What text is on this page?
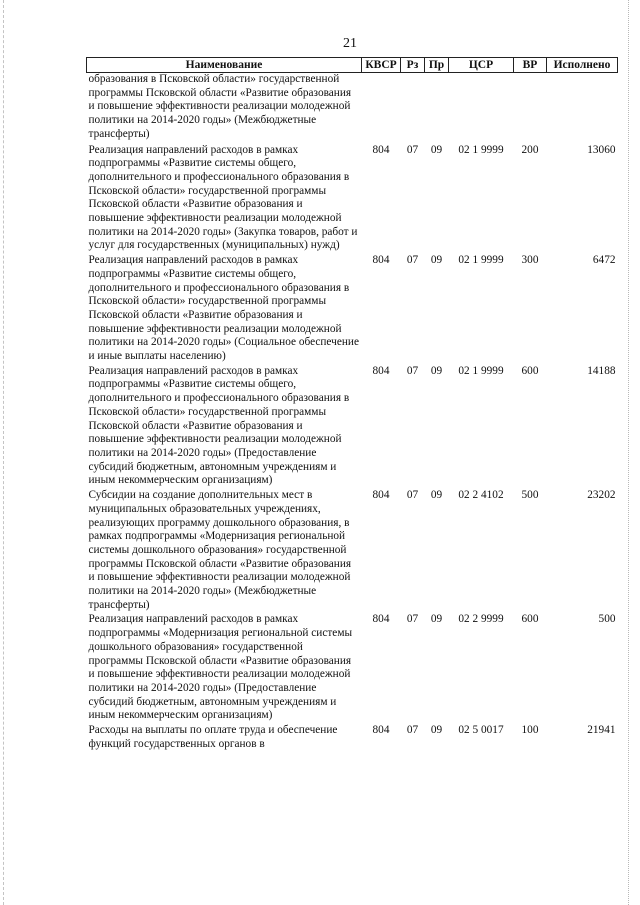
21
Наименование	КВСР	Рз	Пр	ЦСР	ВР	Исполнено
образования в Псковской области» государственной программы Псковской области «Развитие образования и повышение эффективности реализации молодежной политики на 2014-2020 годы» (Межбюджетные трансферты)						
Реализация направлений расходов в рамках подпрограммы «Развитие системы общего, дополнительного и профессионального образования в Псковской области» государственной программы Псковской области «Развитие образования и повышение эффективности реализации молодежной политики на 2014-2020 годы» (Закупка товаров, работ и услуг для государственных (муниципальных) нужд)	804	07	09	02 1 9999	200	13060
Реализация направлений расходов в рамках подпрограммы «Развитие системы общего, дополнительного и профессионального образования в Псковской области» государственной программы Псковской области «Развитие образования и повышение эффективности реализации молодежной политики на 2014-2020 годы» (Социальное обеспечение и иные выплаты населению)	804	07	09	02 1 9999	300	6472
Реализация направлений расходов в рамках подпрограммы «Развитие системы общего, дополнительного и профессионального образования в Псковской области» государственной программы Псковской области «Развитие образования и повышение эффективности реализации молодежной политики на 2014-2020 годы» (Предоставление субсидий бюджетным, автономным учреждениям и иным некоммерческим организациям)	804	07	09	02 1 9999	600	14188
Субсидии на создание дополнительных мест в муниципальных образовательных учреждениях, реализующих программу дошкольного образования, в рамках подпрограммы «Модернизация региональной системы дошкольного образования» государственной программы Псковской области «Развитие образования и повышение эффективности реализации молодежной политики на 2014-2020 годы» (Межбюджетные трансферты)	804	07	09	02 2 4102	500	23202
Реализация направлений расходов в рамках подпрограммы «Модернизация региональной системы дошкольного образования» государственной программы Псковской области «Развитие образования и повышение эффективности реализации молодежной политики на 2014-2020 годы» (Предоставление субсидий бюджетным, автономным учреждениям и иным некоммерческим организациям)	804	07	09	02 2 9999	600	500
Расходы на выплаты по оплате труда и обеспечение функций государственных органов в	804	07	09	02 5 0017	100	21941
